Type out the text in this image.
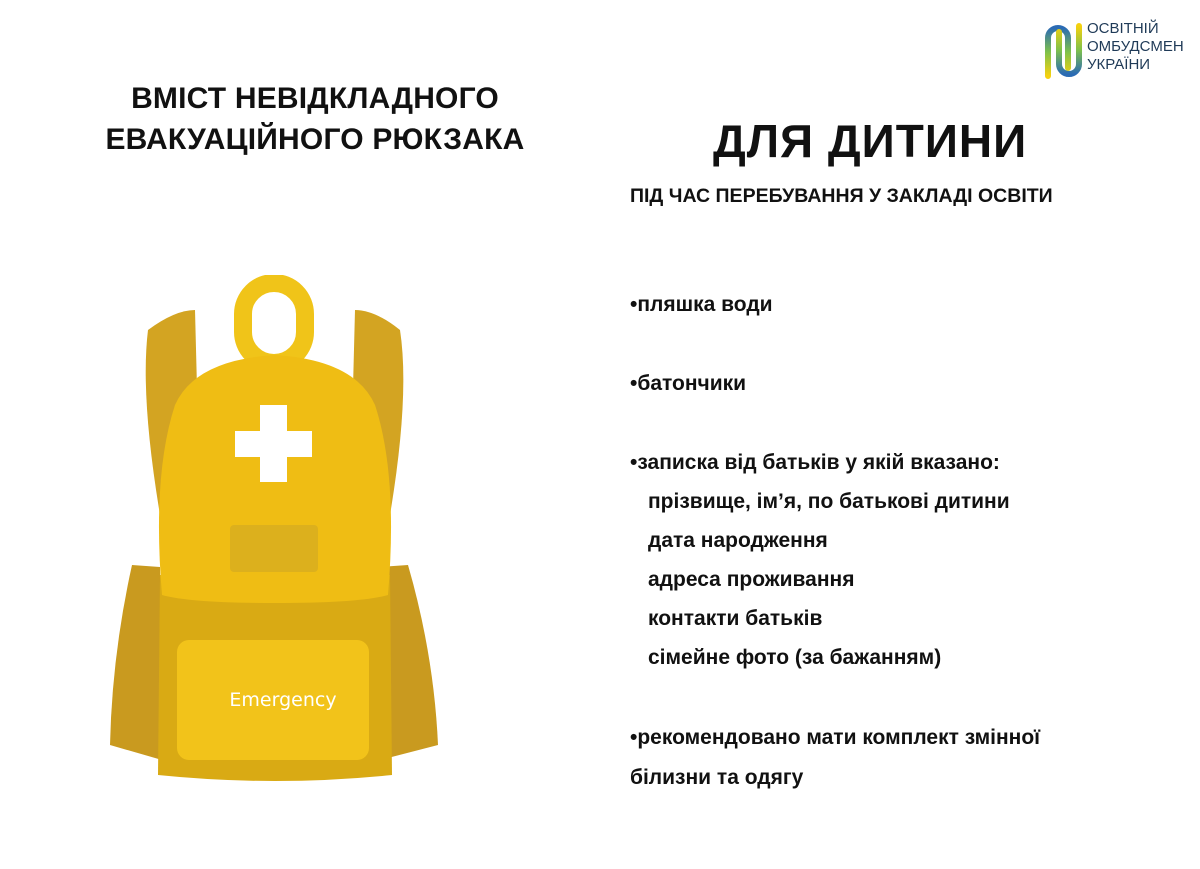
ВМІСТ НЕВІДКЛАДНОГО
ЕВАКУАЦІЙНОГО РЮКЗАКА	ДЛЯ ДИТИНИ
ПІД ЧАС ПЕРЕБУВАННЯ У ЗАКЛАДІ ОСВІТИ
ОСВІТНІЙ
ОМБУДСМЕН
УКРАЇНИ
Emergency
•пляшка води
•батончики
•записка від батьків у якій вказано:
прізвище, ім’я, по батькові дитини
дата народження
адреса проживання
контакти батьків
сімейне фото (за бажанням)
•рекомендовано мати комплект змінної
білизни та одягу
